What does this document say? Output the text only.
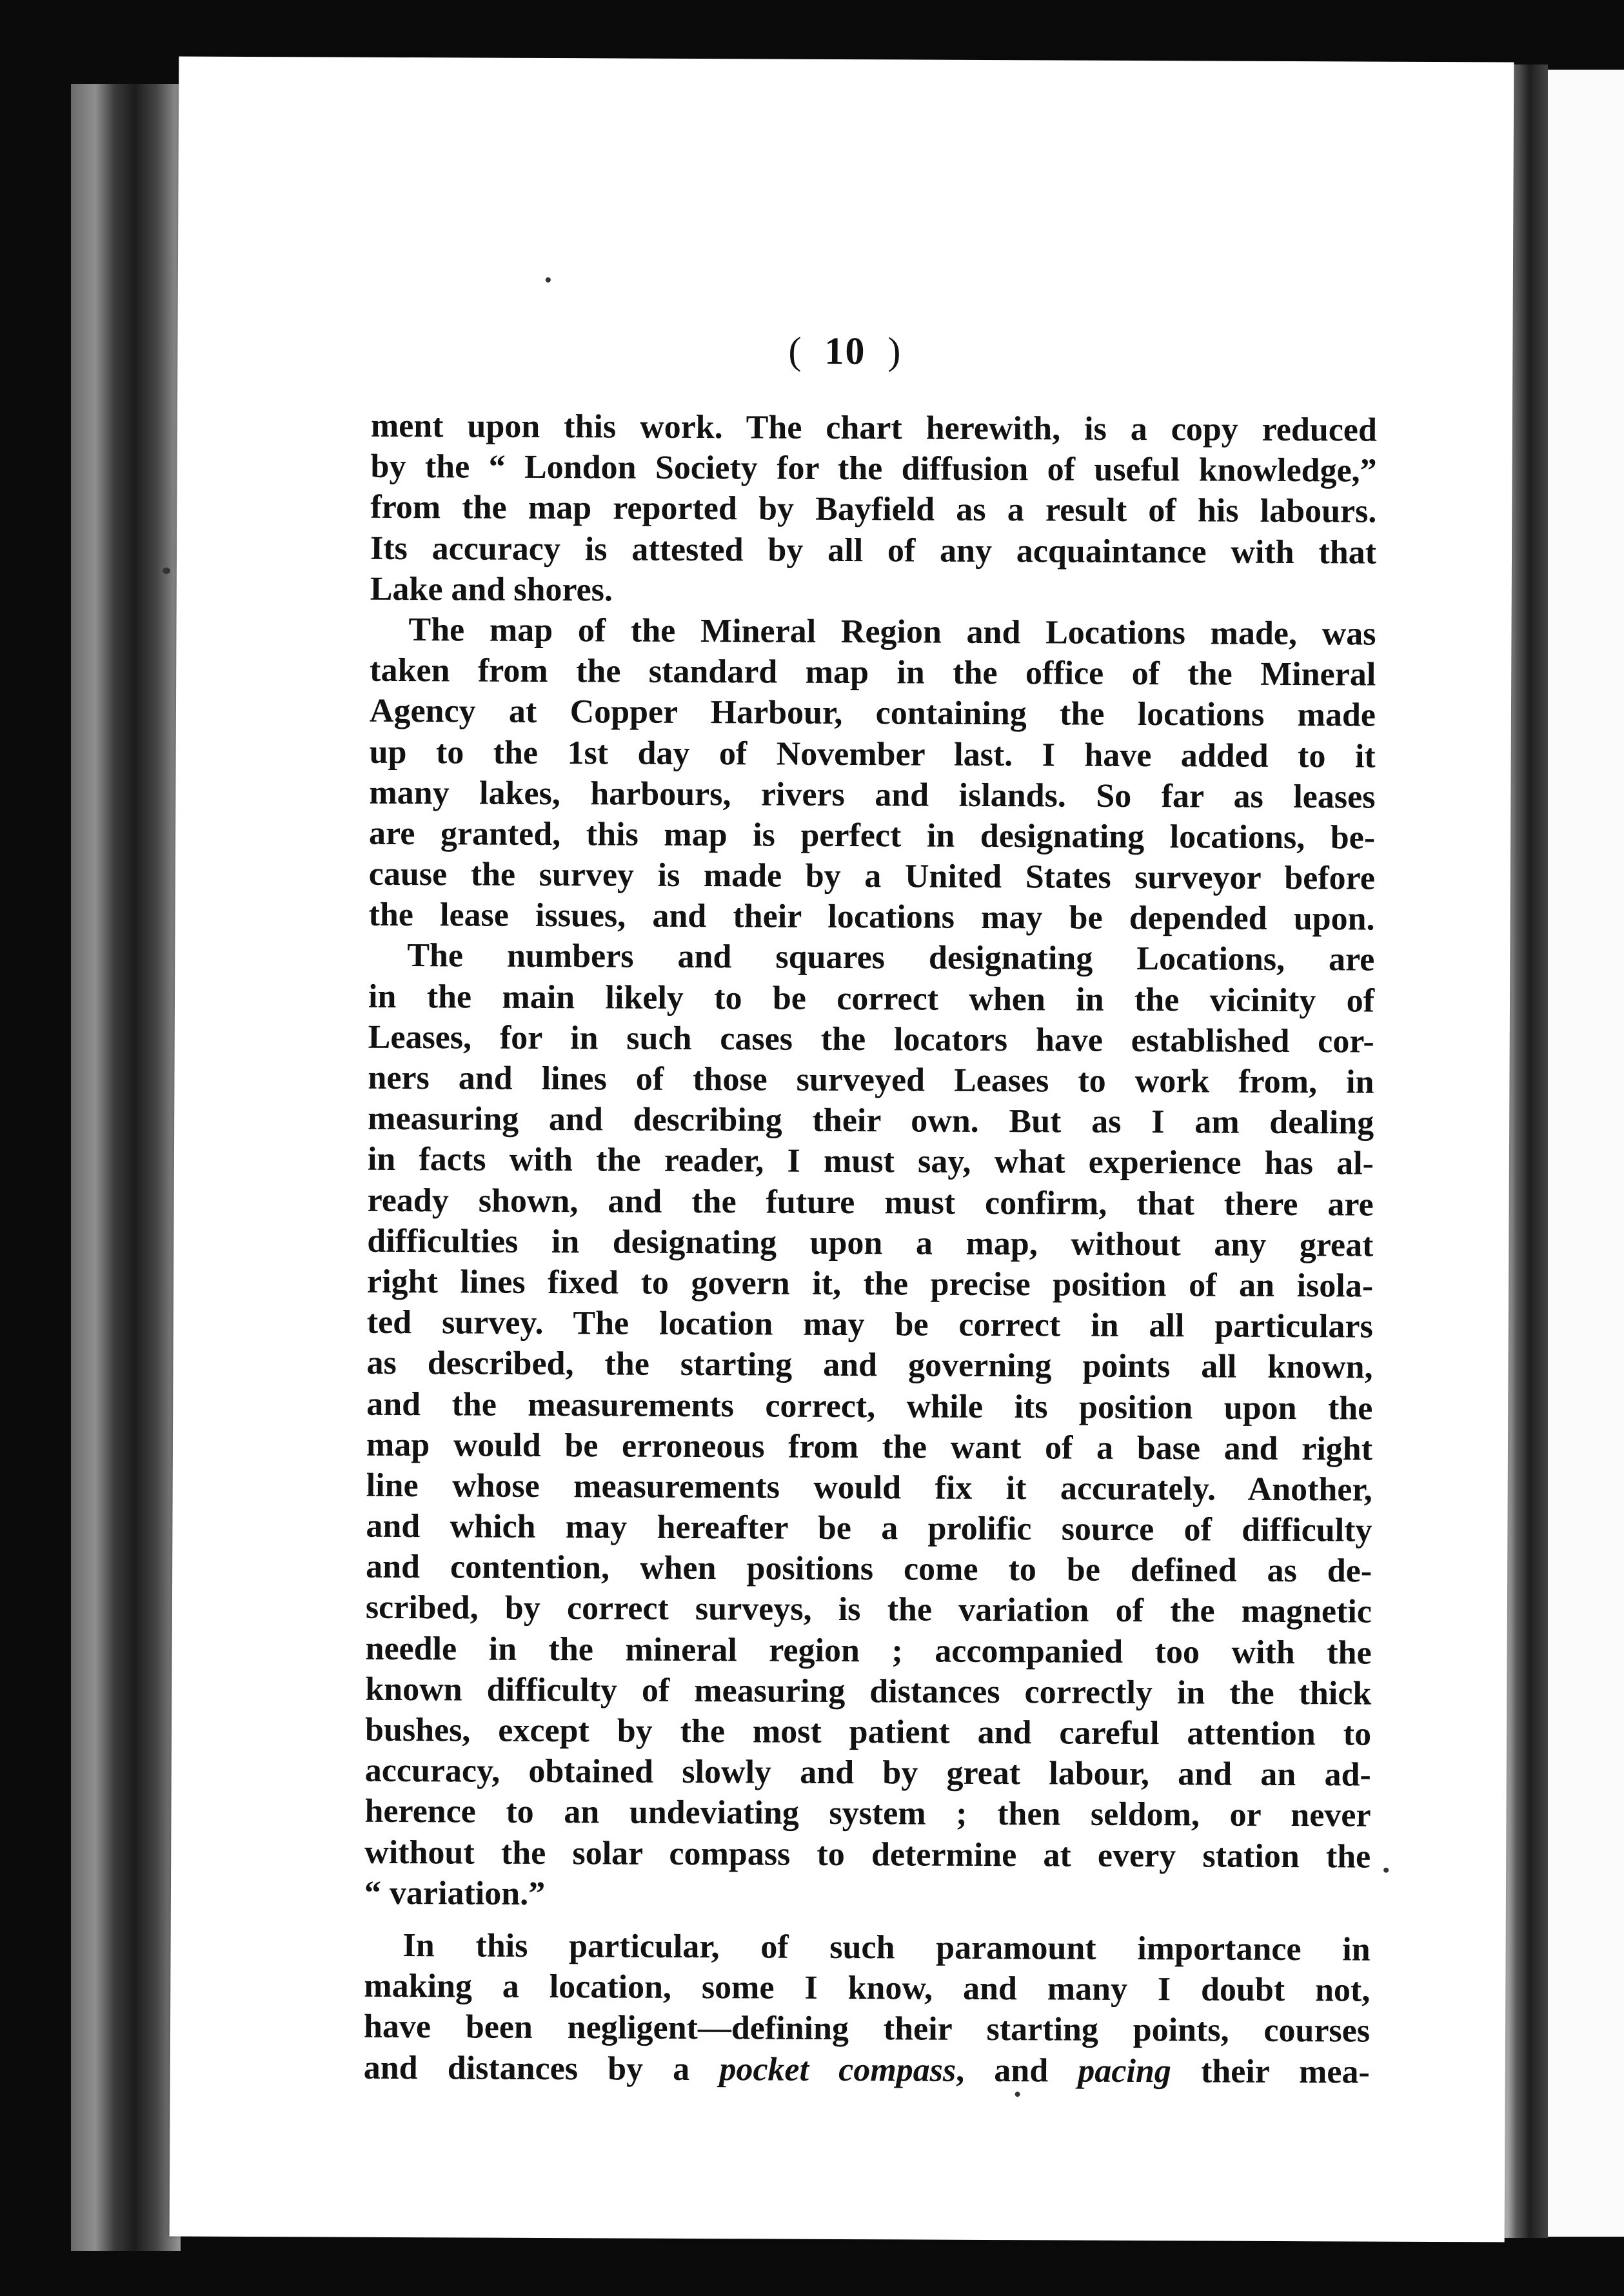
( 10 )
ment upon this work. The chart herewith, is a copy reduced
by the “ London Society for the diffusion of useful knowledge,”
from the map reported by Bayfield as a result of his labours.
Its accuracy is attested by all of any acquaintance with that
Lake and shores.
The map of the Mineral Region and Locations made, was
taken from the standard map in the office of the Mineral
Agency at Copper Harbour, containing the locations made
up to the 1st day of November last. I have added to it
many lakes, harbours, rivers and islands. So far as leases
are granted, this map is perfect in designating locations, be-
cause the survey is made by a United States surveyor before
the lease issues, and their locations may be depended upon.
The numbers and squares designating Locations, are
in the main likely to be correct when in the vicinity of
Leases, for in such cases the locators have established cor-
ners and lines of those surveyed Leases to work from, in
measuring and describing their own. But as I am dealing
in facts with the reader, I must say, what experience has al-
ready shown, and the future must confirm, that there are
difficulties in designating upon a map, without any great
right lines fixed to govern it, the precise position of an isola-
ted survey. The location may be correct in all particulars
as described, the starting and governing points all known,
and the measurements correct, while its position upon the
map would be erroneous from the want of a base and right
line whose measurements would fix it accurately. Another,
and which may hereafter be a prolific source of difficulty
and contention, when positions come to be defined as de-
scribed, by correct surveys, is the variation of the magnetic
needle in the mineral region ; accompanied too with the
known difficulty of measuring distances correctly in the thick
bushes, except by the most patient and careful attention to
accuracy, obtained slowly and by great labour, and an ad-
herence to an undeviating system ; then seldom, or never
without the solar compass to determine at every station the
“ variation.”
In this particular, of such paramount importance in
making a location, some I know, and many I doubt not,
have been negligent—defining their starting points, courses
and distances by a pocket compass, and pacing their mea-
